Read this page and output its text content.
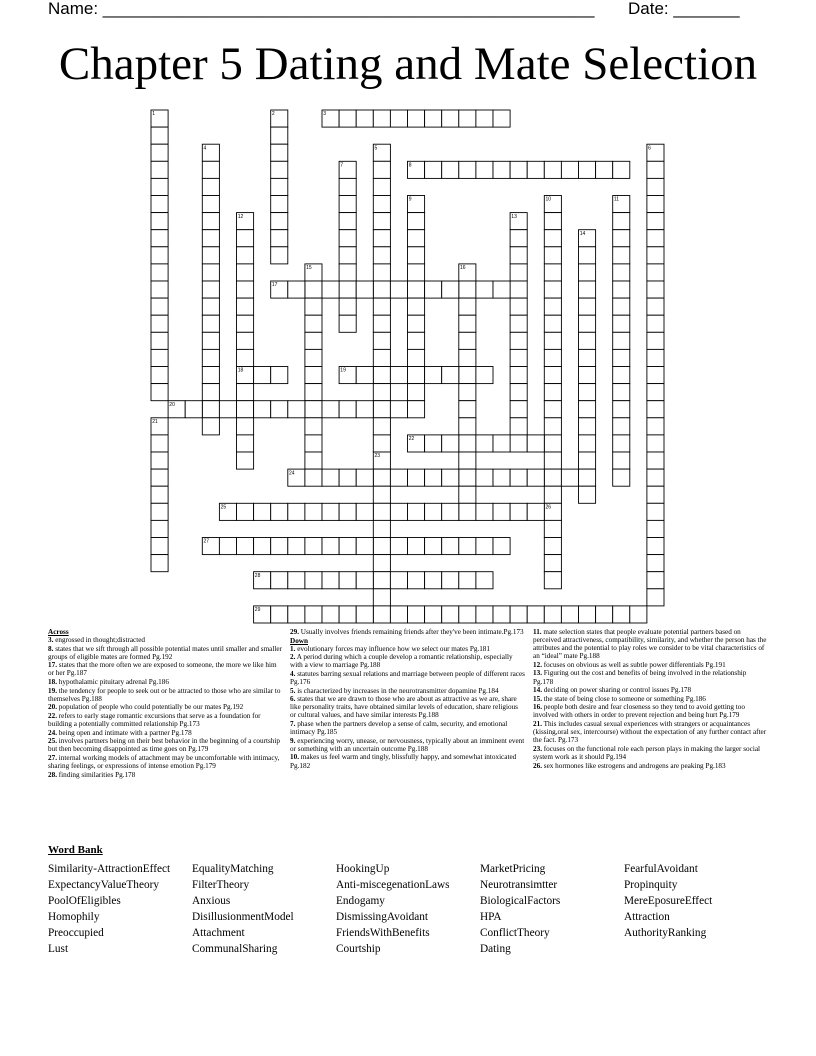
Name: ____________________________________________________ Date: _______
Chapter 5 Dating and Mate Selection
1	2	3
4	5	6
7	8
9	10	11
12	13
14
15	16
17
18	19
20
21
22
23
24
25	26
27
28
29
Across
3. engrossed in thought;distracted
8. states that we sift through all possible potential mates until smaller and smaller groups of eligible mates are formed Pg.192
17. states that the more often we are exposed to someone, the more we like him or her Pg.187
18. hypothalamic pituitary adrenal Pg.186
19. the tendency for people to seek out or be attracted to those who are similar to themselves Pg.188
20. population of people who could potentially be our mates Pg.192
22. refers to early stage romantic excursions that serve as a foundation for building a potentially committed relationship Pg.173
24. being open and intimate with a partner Pg.178
25. involves partners being on their best behavior in the beginning of a courtship but then becoming disappointed as time goes on Pg.179
27. internal working models of attachment may be uncomfortable with intimacy, sharing feelings, or expressions of intense emotion Pg.179
28. finding similarities Pg.178
29. Usually involves friends remaining friends after they've been intimate.Pg.173
Down
1. evolutionary forces may influence how we select our mates Pg.181
2. A period during which a couple develop a romantic relationship, especially with a view to marriage Pg.188
4. statutes barring sexual relations and marriage between people of different races Pg.176
5. is characterized by increases in the neurotransmitter dopamine Pg.184
6. states that we are drawn to those who are about as attractive as we are, share like personality traits, have obtained similar levels of education, share religious or cultural values, and have similar interests Pg.188
7. phase when the partners develop a sense of calm, security, and emotional intimacy Pg.185
9. experiencing worry, unease, or nervousness, typically about an imminent event or something with an uncertain outcome Pg.188
10. makes us feel warm and tingly, blissfully happy, and somewhat intoxicated Pg.182
11. mate selection states that people evaluate potential partners based on perceived attractiveness, compatibility, similarity, and whether the person has the attributes and the potential to play roles we consider to be vital characteristics of an “ideal” mate Pg.188
12. focuses on obvious as well as subtle power differentials Pg.191
13. Figuring out the cost and benefits of being involved in the relationship Pg.178
14. deciding on power sharing or control issues Pg.178
15. the state of being close to someone or something Pg.186
16. people both desire and fear closeness so they tend to avoid getting too involved with others in order to prevent rejection and being hurt Pg.179
21. This includes casual sexual experiences with strangers or acquaintances (kissing,oral sex, intercourse) without the expectation of any further contact after the fact. Pg.173
23. focuses on the functional role each person plays in making the larger social system work as it should Pg.194
26. sex hormones like estrogens and androgens are peaking Pg.183
Word Bank
Similarity-AttractionEffect
ExpectancyValueTheory
PoolOfEligibles
Homophily
Preoccupied
Lust
EqualityMatching
FilterTheory
Anxious
DisillusionmentModel
Attachment
CommunalSharing
HookingUp
Anti-miscegenationLaws
Endogamy
DismissingAvoidant
FriendsWithBenefits
Courtship
MarketPricing
Neurotransimtter
BiologicalFactors
HPA
ConflictTheory
Dating
FearfulAvoidant
Propinquity
MereEposureEffect
Attraction
AuthorityRanking
